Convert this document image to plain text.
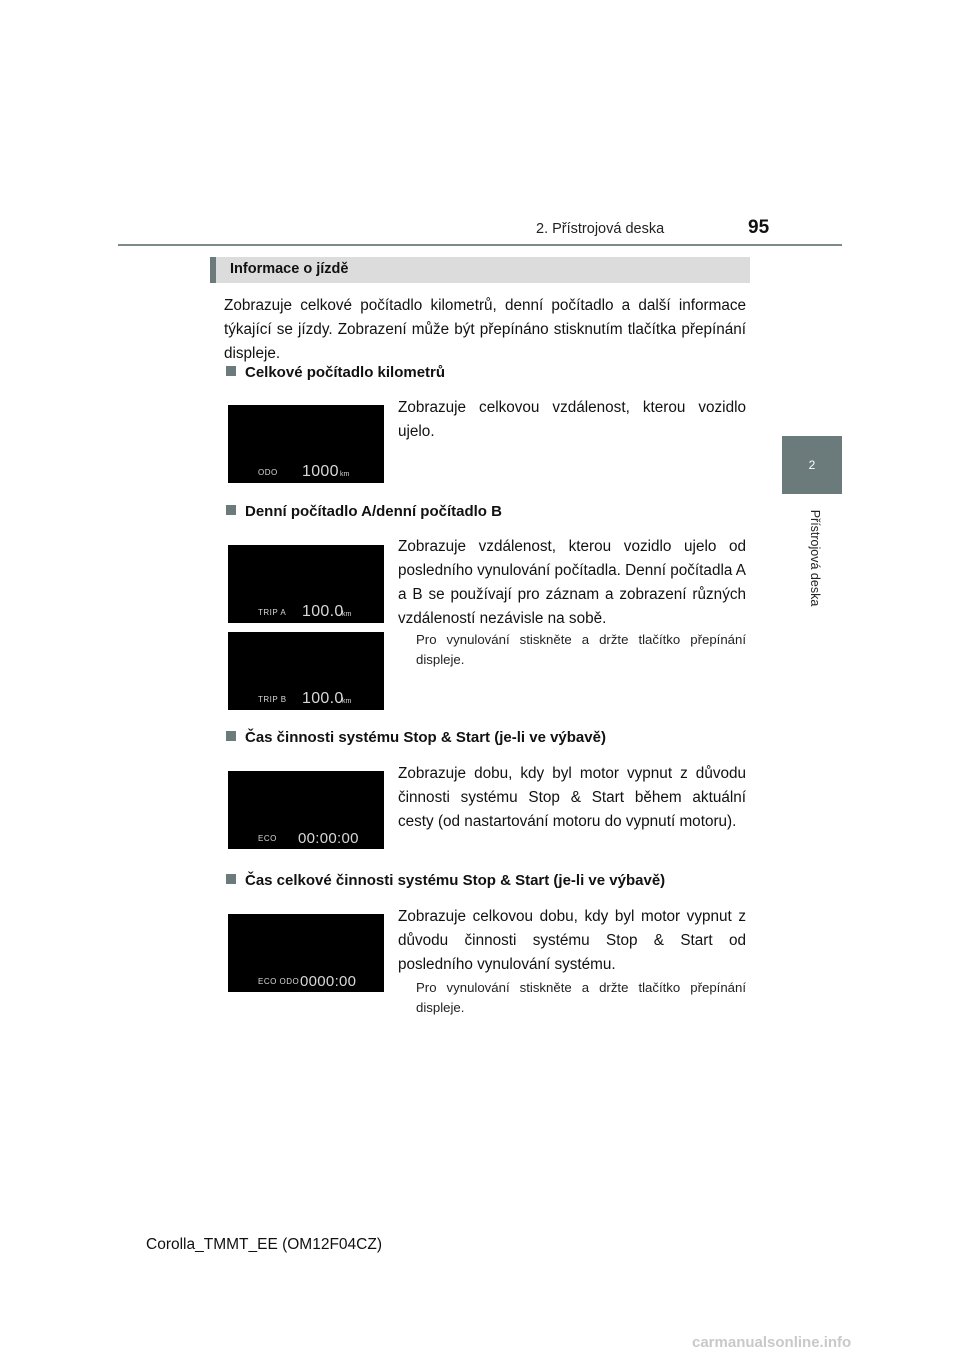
2. Přístrojová deska	95
2
Přístrojová deska
Informace o jízdě
Zobrazuje celkové počítadlo kilometrů, denní počítadlo a další informace týkající se jízdy. Zobrazení může být přepínáno stisknutím tlačítka přepínání displeje.
Celkové počítadlo kilometrů
ODO 1000 km
Zobrazuje celkovou vzdálenost, kterou vozidlo ujelo.
Denní počítadlo A/denní počítadlo B
TRIP A 100.0
km
TRIP B 100.0
km
Zobrazuje vzdálenost, kterou vozidlo ujelo od posledního vynulování počítadla. Denní počítadla A a B se používají pro záznam a zobrazení různých vzdáleností nezávisle na sobě.
Pro vynulování stiskněte a držte tlačítko přepínání displeje.
Čas činnosti systému Stop & Start (je-li ve výbavě)
ECO 00:00:00
Zobrazuje dobu, kdy byl motor vypnut z důvodu činnosti systému Stop & Start během aktuální cesty (od nastartování motoru do vypnutí motoru).
Čas celkové činnosti systému Stop & Start (je-li ve výbavě)
ECO ODO 0000:00
Zobrazuje celkovou dobu, kdy byl motor vypnut z důvodu činnosti systému Stop & Start od posledního vynulování systému.
Pro vynulování stiskněte a držte tlačítko přepínání displeje.
Corolla_TMMT_EE (OM12F04CZ)
carmanualsonline.info
